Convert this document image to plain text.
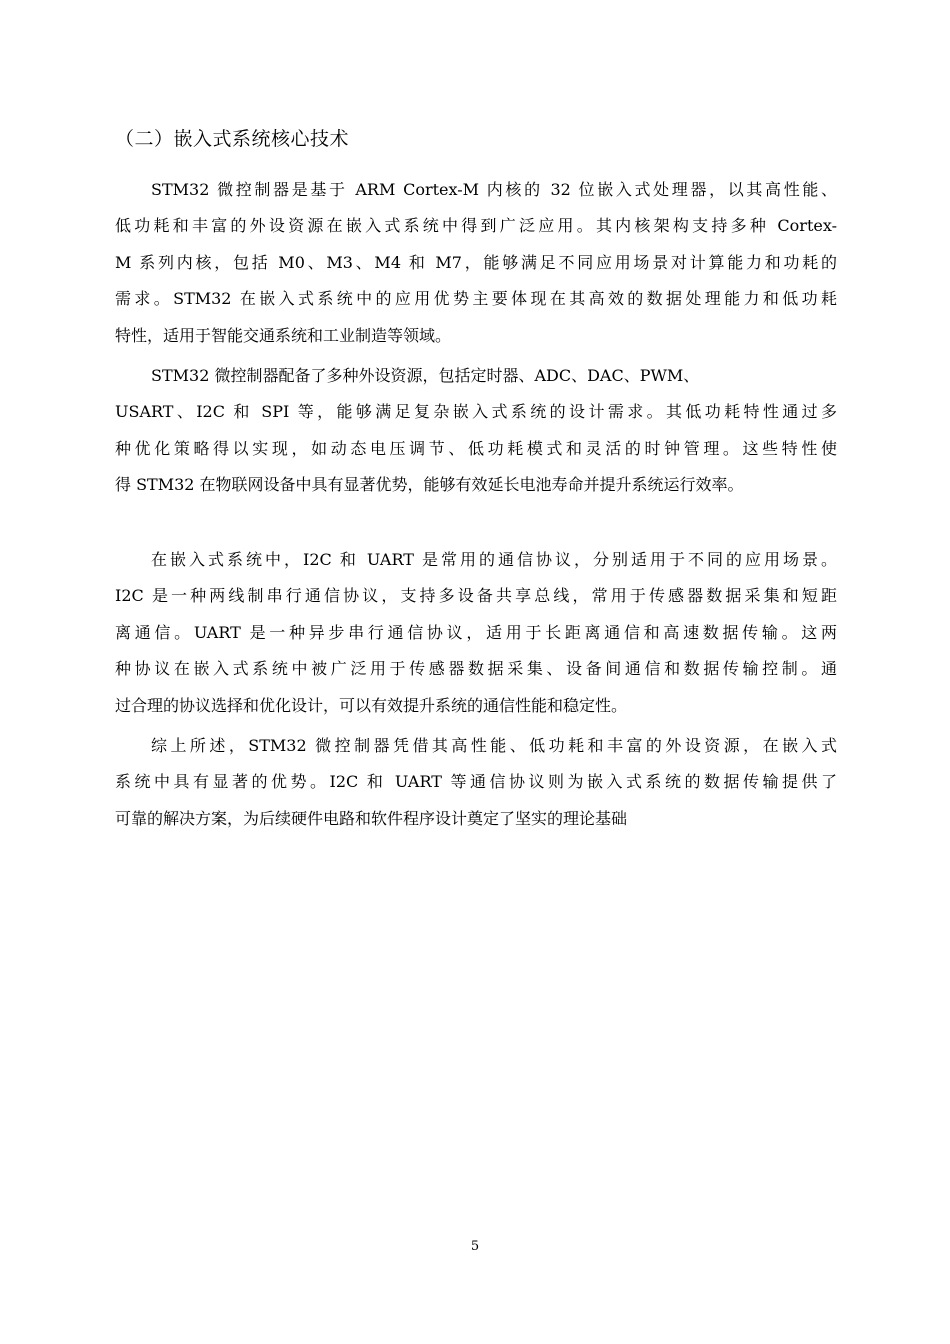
（二）嵌入式系统核心技术
STM32 微控制器是基于 ARM Cortex-M 内核的 32 位嵌入式处理器，以其高性能、
低功耗和丰富的外设资源在嵌入式系统中得到广泛应用。其内核架构支持多种 Cortex-
M 系列内核，包括 M0、M3、M4 和 M7，能够满足不同应用场景对计算能力和功耗的
需求。STM32 在嵌入式系统中的应用优势主要体现在其高效的数据处理能力和低功耗
特性，适用于智能交通系统和工业制造等领域。
STM32 微控制器配备了多种外设资源，包括定时器、ADC、DAC、PWM、
USART、I2C 和 SPI 等，能够满足复杂嵌入式系统的设计需求。其低功耗特性通过多
种优化策略得以实现，如动态电压调节、低功耗模式和灵活的时钟管理。这些特性使
得 STM32 在物联网设备中具有显著优势，能够有效延长电池寿命并提升系统运行效率。
在嵌入式系统中，I2C 和 UART 是常用的通信协议，分别适用于不同的应用场景。
I2C 是一种两线制串行通信协议，支持多设备共享总线，常用于传感器数据采集和短距
离通信。UART 是一种异步串行通信协议，适用于长距离通信和高速数据传输。这两
种协议在嵌入式系统中被广泛用于传感器数据采集、设备间通信和数据传输控制。通
过合理的协议选择和优化设计，可以有效提升系统的通信性能和稳定性。
综上所述，STM32 微控制器凭借其高性能、低功耗和丰富的外设资源，在嵌入式
系统中具有显著的优势。I2C 和 UART 等通信协议则为嵌入式系统的数据传输提供了
可靠的解决方案，为后续硬件电路和软件程序设计奠定了坚实的理论基础
5
